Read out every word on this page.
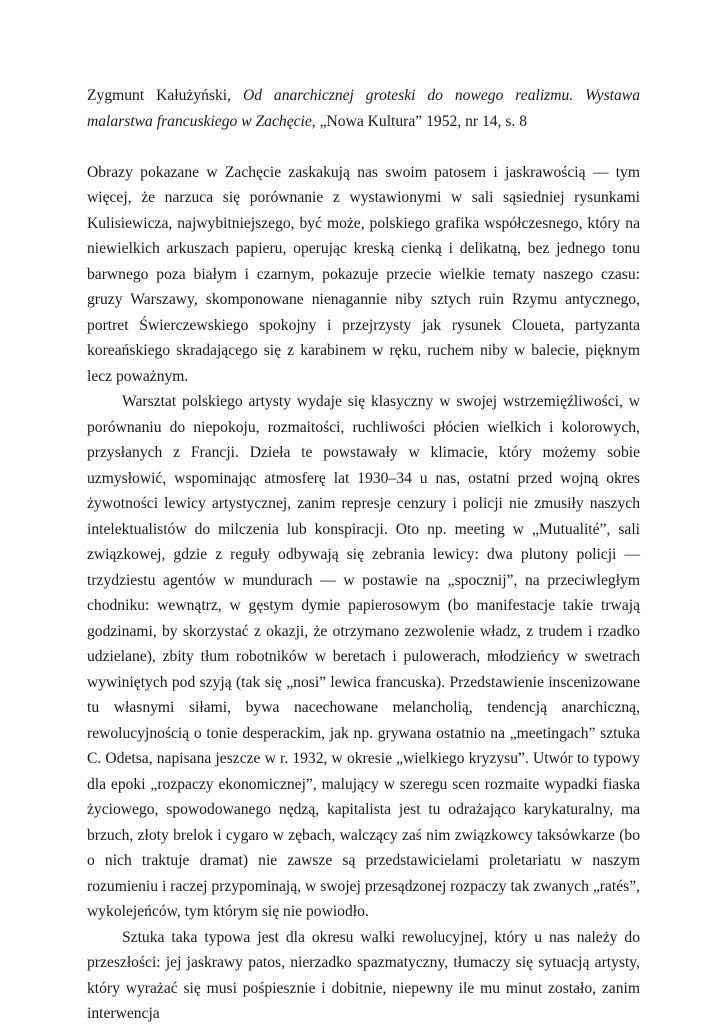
Zygmunt Kałużyński, Od anarchicznej groteski do nowego realizmu. Wystawa malarstwa francuskiego w Zachęcie, „Nowa Kultura” 1952, nr 14, s. 8

Obrazy pokazane w Zachęcie zaskakują nas swoim patosem i jaskrawością — tym więcej, że narzuca się porównanie z wystawionymi w sali sąsiedniej rysunkami Kulisiewicza, najwybitniejszego, być może, polskiego grafika współczesnego, który na niewielkich arkuszach papieru, operując kreską cienką i delikatną, bez jednego tonu barwnego poza białym i czarnym, pokazuje przecie wielkie tematy naszego czasu: gruzy Warszawy, skomponowane nienagannie niby sztych ruin Rzymu antycznego, portret Świerczewskiego spokojny i przejrzysty jak rysunek Cloueta, partyzanta koreańskiego skradającego się z karabinem w ręku, ruchem niby w balecie, pięknym lecz poważnym.

Warsztat polskiego artysty wydaje się klasyczny w swojej wstrzemięźliwości, w porównaniu do niepokoju, rozmaitości, ruchliwości płócien wielkich i kolorowych, przysłanych z Francji. Dzieła te powstawały w klimacie, który możemy sobie uzmysłowić, wspominając atmosferę lat 1930–34 u nas, ostatni przed wojną okres żywotności lewicy artystycznej, zanim represje cenzury i policji nie zmusiły naszych intelektualistów do milczenia lub konspiracji. Oto np. meeting w „Mutualité”, sali związkowej, gdzie z reguły odbywają się zebrania lewicy: dwa plutony policji — trzydziestu agentów w mundurach — w postawie na „spocznij”, na przeciwległym chodniku: wewnątrz, w gęstym dymie papierosowym (bo manifestacje takie trwają godzinami, by skorzystać z okazji, że otrzymano zezwolenie władz, z trudem i rzadko udzielane), zbity tłum robotników w beretach i pulowerach, młodzieńcy w swetrach wywiniętych pod szyją (tak się „nosi” lewica francuska). Przedstawienie inscenizowane tu własnymi siłami, bywa nacechowane melancholią, tendencją anarchiczną, rewolucyjnością o tonie desperackim, jak np. grywana ostatnio na „meetingach” sztuka C. Odetsa, napisana jeszcze w r. 1932, w okresie „wielkiego kryzysu”. Utwór to typowy dla epoki „rozpaczy ekonomicznej”, malujący w szeregu scen rozmaite wypadki fiaska życiowego, spowodowanego nędzą, kapitalista jest tu odrażająco karykaturalny, ma brzuch, złoty brelok i cygaro w zębach, walczący zaś nim związkowcy taksówkarze (bo o nich traktuje dramat) nie zawsze są przedstawicielami proletariatu w naszym rozumieniu i raczej przypominają, w swojej przesądzonej rozpaczy tak zwanych „ratés”, wykolejeńców, tym którym się nie powiodło.

Sztuka taka typowa jest dla okresu walki rewolucyjnej, który u nas należy do przeszłości: jej jaskrawy patos, nierzadko spazmatyczny, tłumaczy się sytuacją artysty, który wyrażać się musi pośpiesznie i dobitnie, niepewny ile mu minut zostało, zanim interwencja
